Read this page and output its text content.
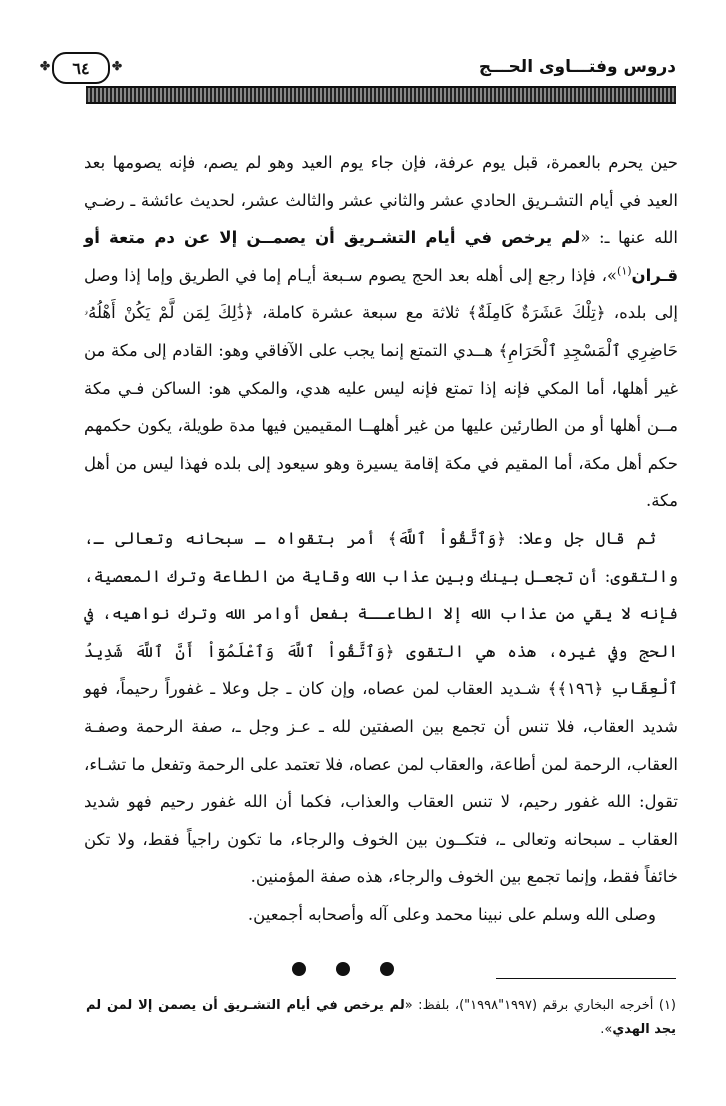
✤ ٦٤ ✤	دروس وفتـــاوى الحـــج

حين يحرم بالعمرة، قبل يوم عرفة، فإن جاء يوم العيد وهو لم يصم، فإنه يصومها بعد العيد في أيام التشـريق الحادي عشر والثاني عشر والثالث عشر، لحديث عائشة ـ رضـي الله عنها ـ: «لم يرخص في أيام التشـريق أن يصمــن إلا عن دم متعة أو قـران$^{(١)}$»، فإذا رجع إلى أهله بعد الحج يصوم سـبعة أيـام إما في الطريق وإما إذا وصل إلى بلده، ﴿تِلْكَ عَشَرَةٌ كَامِلَةٌ﴾ ثلاثة مع سبعة عشرة كاملة، ﴿ذَٰلِكَ لِمَن لَّمْ يَكُنْ أَهْلُهُۥ حَاضِرِي ٱلْمَسْجِدِ ٱلْحَرَامِ﴾ هــدي التمتع إنما يجب على الآفاقي وهو: القادم إلى مكة من غير أهلها، أما المكي فإنه إذا تمتع فإنه ليس عليه هدي، والمكي هو: الساكن فـي مكة مــن أهلها أو من الطارئين عليها من غير أهلهــا المقيمين فيها مدة طويلة، يكون حكمهم حكم أهل مكة، أما المقيم في مكة إقامة يسيرة وهو سيعود إلى بلده فهذا ليس من أهل مكة.

ثم قال جل وعلا: ﴿وَٱتَّقُواْ ٱللَّهَ﴾ أمر بتقواه ـ سبحانه وتعالى ـ، والتقوى: أن تجعـل بينك وبين عذاب الله وقاية من الطاعة وترك المعصية، فإنه لا يقي من عذاب الله إلا الطاعــة بفعل أوامر الله وترك نواهيه، في الحج وفي غيره، هذه هي التقوى ﴿وَٱتَّقُواْ ٱللَّهَ وَٱعْلَمُوٓاْ أَنَّ ٱللَّهَ شَدِيدُ ٱلْعِقَابِ ﴿١٩٦﴾﴾ شـديد العقاب لمن عصاه، وإن كان ـ جل وعلا ـ غفوراً رحيماً، فهو شديد العقاب، فلا تنس أن تجمع بين الصفتين لله ـ عـز وجل ـ، صفة الرحمة وصفـة العقاب، الرحمة لمن أطاعة، والعقاب لمن عصاه، فلا تعتمد على الرحمة وتفعل ما تشـاء، تقول: الله غفور رحيم، لا تنس العقاب والعذاب، فكما أن الله غفور رحيم فهو شديد العقاب ـ سبحانه وتعالى ـ، فتكــون بين الخوف والرجاء، ما تكون راجياً فقط، ولا تكن خائفاً فقط، وإنما تجمع بين الخوف والرجاء، هذه صفة المؤمنين.

وصلى الله وسلم على نبينا محمد وعلى آله وأصحابه أجمعين.

(١) أخرجه البخاري برقم (١٩٩٧"١٩٩٨")، بلفظ: «لم يرخص في أيام التشـريق أن يصمن إلا لمن لم يجد الهدي».
